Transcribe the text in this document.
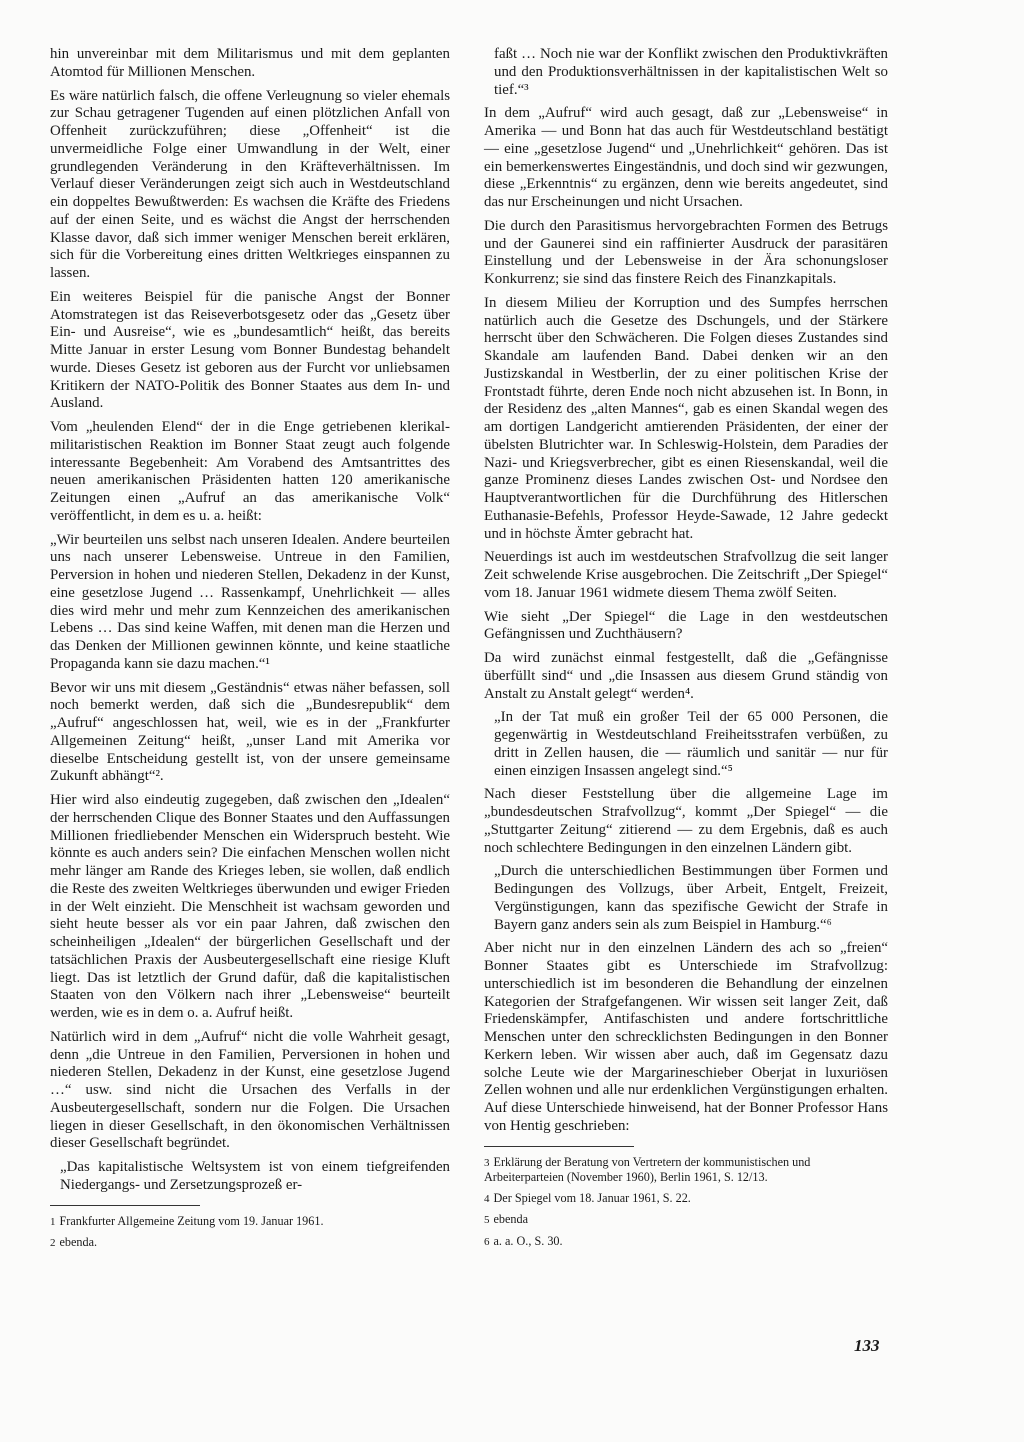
hin unvereinbar mit dem Militarismus und mit dem geplanten Atomtod für Millionen Menschen.

Es wäre natürlich falsch, die offene Verleugnung so vieler ehemals zur Schau getragener Tugenden auf einen plötzlichen Anfall von Offenheit zurückzuführen; diese „Offenheit“ ist die unvermeidliche Folge einer Umwandlung in der Welt, einer grundlegenden Veränderung in den Kräfteverhältnissen. Im Verlauf dieser Veränderungen zeigt sich auch in Westdeutschland ein doppeltes Bewußtwerden: Es wachsen die Kräfte des Friedens auf der einen Seite, und es wächst die Angst der herrschenden Klasse davor, daß sich immer weniger Menschen bereit erklären, sich für die Vorbereitung eines dritten Weltkrieges einspannen zu lassen.

Ein weiteres Beispiel für die panische Angst der Bonner Atomstrategen ist das Reiseverbotsgesetz oder das „Gesetz über Ein- und Ausreise“, wie es „bundesamtlich“ heißt, das bereits Mitte Januar in erster Lesung vom Bonner Bundestag behandelt wurde. Dieses Gesetz ist geboren aus der Furcht vor unliebsamen Kritikern der NATO-Politik des Bonner Staates aus dem In- und Ausland.

Vom „heulenden Elend“ der in die Enge getriebenen klerikal-militaristischen Reaktion im Bonner Staat zeugt auch folgende interessante Begebenheit: Am Vorabend des Amtsantrittes des neuen amerikanischen Präsidenten hatten 120 amerikanische Zeitungen einen „Aufruf an das amerikanische Volk“ veröffentlicht, in dem es u. a. heißt:

„Wir beurteilen uns selbst nach unseren Idealen. Andere beurteilen uns nach unserer Lebensweise. Untreue in den Familien, Perversion in hohen und niederen Stellen, Dekadenz in der Kunst, eine gesetzlose Jugend … Rassenkampf, Unehrlichkeit — alles dies wird mehr und mehr zum Kennzeichen des amerikanischen Lebens … Das sind keine Waffen, mit denen man die Herzen und das Denken der Millionen gewinnen könnte, und keine staatliche Propaganda kann sie dazu machen.“¹

Bevor wir uns mit diesem „Geständnis“ etwas näher befassen, soll noch bemerkt werden, daß sich die „Bundesrepublik“ dem „Aufruf“ angeschlossen hat, weil, wie es in der „Frankfurter Allgemeinen Zeitung“ heißt, „unser Land mit Amerika vor dieselbe Entscheidung gestellt ist, von der unsere gemeinsame Zukunft abhängt“².

Hier wird also eindeutig zugegeben, daß zwischen den „Idealen“ der herrschenden Clique des Bonner Staates und den Auffassungen Millionen friedliebender Menschen ein Widerspruch besteht. Wie könnte es auch anders sein? Die einfachen Menschen wollen nicht mehr länger am Rande des Krieges leben, sie wollen, daß endlich die Reste des zweiten Weltkrieges überwunden und ewiger Frieden in der Welt einzieht. Die Menschheit ist wachsam geworden und sieht heute besser als vor ein paar Jahren, daß zwischen den scheinheiligen „Idealen“ der bürgerlichen Gesellschaft und der tatsächlichen Praxis der Ausbeutergesellschaft eine riesige Kluft liegt. Das ist letztlich der Grund dafür, daß die kapitalistischen Staaten von den Völkern nach ihrer „Lebensweise“ beurteilt werden, wie es in dem o. a. Aufruf heißt.

Natürlich wird in dem „Aufruf“ nicht die volle Wahrheit gesagt, denn „die Untreue in den Familien, Perversionen in hohen und niederen Stellen, Dekadenz in der Kunst, eine gesetzlose Jugend …“ usw. sind nicht die Ursachen des Verfalls in der Ausbeutergesellschaft, sondern nur die Folgen. Die Ursachen liegen in dieser Gesellschaft, in den ökonomischen Verhältnissen dieser Gesellschaft begründet.

„Das kapitalistische Weltsystem ist von einem tiefgreifenden Niedergangs- und Zersetzungsprozeß er-

1 Frankfurter Allgemeine Zeitung vom 19. Januar 1961.

2 ebenda.

faßt … Noch nie war der Konflikt zwischen den Produktivkräften und den Produktionsverhältnissen in der kapitalistischen Welt so tief.“³

In dem „Aufruf“ wird auch gesagt, daß zur „Lebensweise“ in Amerika — und Bonn hat das auch für Westdeutschland bestätigt — eine „gesetzlose Jugend“ und „Unehrlichkeit“ gehören. Das ist ein bemerkenswertes Eingeständnis, und doch sind wir gezwungen, diese „Erkenntnis“ zu ergänzen, denn wie bereits angedeutet, sind das nur Erscheinungen und nicht Ursachen.

Die durch den Parasitismus hervorgebrachten Formen des Betrugs und der Gaunerei sind ein raffinierter Ausdruck der parasitären Einstellung und der Lebensweise in der Ära schonungsloser Konkurrenz; sie sind das finstere Reich des Finanzkapitals.

In diesem Milieu der Korruption und des Sumpfes herrschen natürlich auch die Gesetze des Dschungels, und der Stärkere herrscht über den Schwächeren. Die Folgen dieses Zustandes sind Skandale am laufenden Band. Dabei denken wir an den Justizskandal in Westberlin, der zu einer politischen Krise der Frontstadt führte, deren Ende noch nicht abzusehen ist. In Bonn, in der Residenz des „alten Mannes“, gab es einen Skandal wegen des am dortigen Landgericht amtierenden Präsidenten, der einer der übelsten Blutrichter war. In Schleswig-Holstein, dem Paradies der Nazi- und Kriegsverbrecher, gibt es einen Riesenskandal, weil die ganze Prominenz dieses Landes zwischen Ost- und Nordsee den Hauptverantwortlichen für die Durchführung des Hitlerschen Euthanasie-Befehls, Professor Heyde-Sawade, 12 Jahre gedeckt und in höchste Ämter gebracht hat.

Neuerdings ist auch im westdeutschen Strafvollzug die seit langer Zeit schwelende Krise ausgebrochen. Die Zeitschrift „Der Spiegel“ vom 18. Januar 1961 widmete diesem Thema zwölf Seiten.

Wie sieht „Der Spiegel“ die Lage in den westdeutschen Gefängnissen und Zuchthäusern?

Da wird zunächst einmal festgestellt, daß die „Gefängnisse überfüllt sind“ und „die Insassen aus diesem Grund ständig von Anstalt zu Anstalt gelegt“ werden⁴.

„In der Tat muß ein großer Teil der 65 000 Personen, die gegenwärtig in Westdeutschland Freiheitsstrafen verbüßen, zu dritt in Zellen hausen, die — räumlich und sanitär — nur für einen einzigen Insassen angelegt sind.“⁵

Nach dieser Feststellung über die allgemeine Lage im „bundesdeutschen Strafvollzug“, kommt „Der Spiegel“ — die „Stuttgarter Zeitung“ zitierend — zu dem Ergebnis, daß es auch noch schlechtere Bedingungen in den einzelnen Ländern gibt.

„Durch die unterschiedlichen Bestimmungen über Formen und Bedingungen des Vollzugs, über Arbeit, Entgelt, Freizeit, Vergünstigungen, kann das spezifische Gewicht der Strafe in Bayern ganz anders sein als zum Beispiel in Hamburg.“⁶

Aber nicht nur in den einzelnen Ländern des ach so „freien“ Bonner Staates gibt es Unterschiede im Strafvollzug: unterschiedlich ist im besonderen die Behandlung der einzelnen Kategorien der Strafgefangenen. Wir wissen seit langer Zeit, daß Friedenskämpfer, Antifaschisten und andere fortschrittliche Menschen unter den schrecklichsten Bedingungen in den Bonner Kerkern leben. Wir wissen aber auch, daß im Gegensatz dazu solche Leute wie der Margarineschieber Oberjat in luxuriösen Zellen wohnen und alle nur erdenklichen Vergünstigungen erhalten. Auf diese Unterschiede hinweisend, hat der Bonner Professor Hans von Hentig geschrieben:

3 Erklärung der Beratung von Vertretern der kommunistischen und Arbeiterparteien (November 1960), Berlin 1961, S. 12/13.

4 Der Spiegel vom 18. Januar 1961, S. 22.

5 ebenda

6 a. a. O., S. 30.

133
